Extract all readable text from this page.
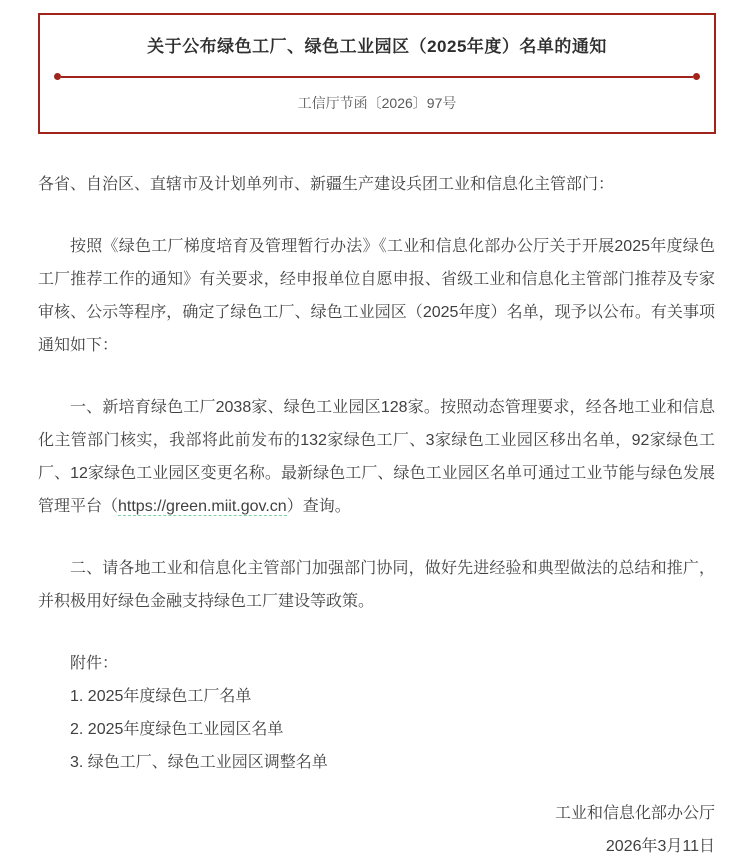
关于公布绿色工厂、绿色工业园区（2025年度）名单的通知
工信厅节函〔2026〕97号

各省、自治区、直辖市及计划单列市、新疆生产建设兵团工业和信息化主管部门：

按照《绿色工厂梯度培育及管理暂行办法》《工业和信息化部办公厅关于开展2025年度绿色工厂推荐工作的通知》有关要求，经申报单位自愿申报、省级工业和信息化主管部门推荐及专家审核、公示等程序，确定了绿色工厂、绿色工业园区（2025年度）名单，现予以公布。有关事项通知如下：

一、新培育绿色工厂2038家、绿色工业园区128家。按照动态管理要求，经各地工业和信息化主管部门核实，我部将此前发布的132家绿色工厂、3家绿色工业园区移出名单，92家绿色工厂、12家绿色工业园区变更名称。最新绿色工厂、绿色工业园区名单可通过工业节能与绿色发展管理平台（https://green.miit.gov.cn）查询。

二、请各地工业和信息化主管部门加强部门协同，做好先进经验和典型做法的总结和推广，并积极用好绿色金融支持绿色工厂建设等政策。

附件：
1. 2025年度绿色工厂名单
2. 2025年度绿色工业园区名单
3. 绿色工厂、绿色工业园区调整名单
工业和信息化部办公厅
2026年3月11日
